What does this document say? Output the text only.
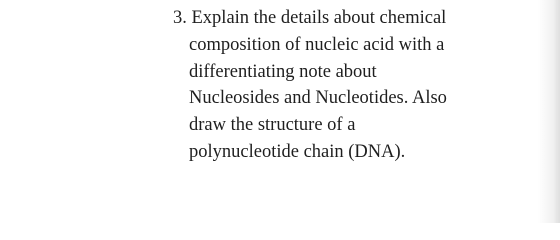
3. Explain the details about chemical
composition of nucleic acid with a
differentiating note about
Nucleosides and Nucleotides. Also
draw the structure of a
polynucleotide chain (DNA).
